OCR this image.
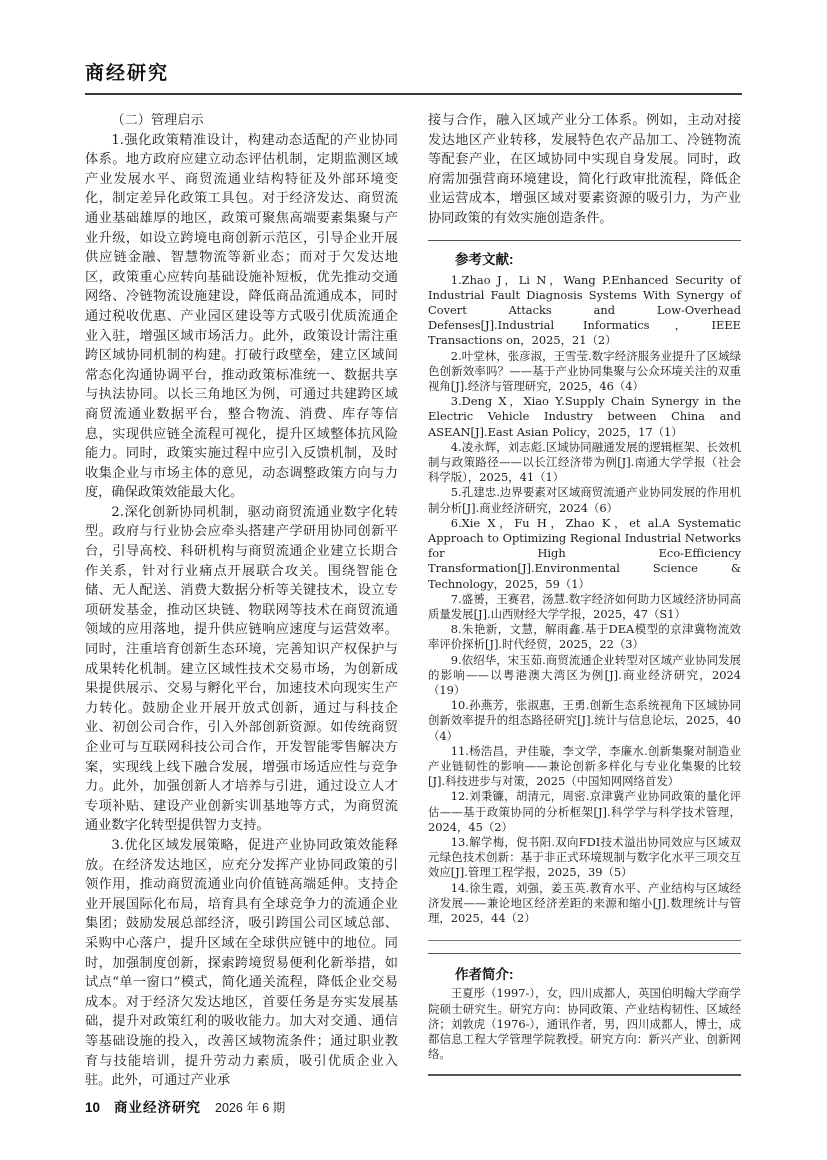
商经研究
（二）管理启示

1.强化政策精准设计，构建动态适配的产业协同体系。地方政府应建立动态评估机制，定期监测区域产业发展水平、商贸流通业结构特征及外部环境变化，制定差异化政策工具包。对于经济发达、商贸流通业基础雄厚的地区，政策可聚焦高端要素集聚与产业升级，如设立跨境电商创新示范区，引导企业开展供应链金融、智慧物流等新业态；而对于欠发达地区，政策重心应转向基础设施补短板，优先推动交通网络、冷链物流设施建设，降低商品流通成本，同时通过税收优惠、产业园区建设等方式吸引优质流通企业入驻，增强区域市场活力。此外，政策设计需注重跨区域协同机制的构建。打破行政壁垒，建立区域间常态化沟通协调平台，推动政策标准统一、数据共享与执法协同。以长三角地区为例，可通过共建跨区域商贸流通业数据平台，整合物流、消费、库存等信息，实现供应链全流程可视化，提升区域整体抗风险能力。同时，政策实施过程中应引入反馈机制，及时收集企业与市场主体的意见，动态调整政策方向与力度，确保政策效能最大化。

2.深化创新协同机制，驱动商贸流通业数字化转型。政府与行业协会应牵头搭建产学研用协同创新平台，引导高校、科研机构与商贸流通企业建立长期合作关系，针对行业痛点开展联合攻关。围绕智能仓储、无人配送、消费大数据分析等关键技术，设立专项研发基金，推动区块链、物联网等技术在商贸流通领域的应用落地，提升供应链响应速度与运营效率。同时，注重培育创新生态环境，完善知识产权保护与成果转化机制。建立区域性技术交易市场，为创新成果提供展示、交易与孵化平台，加速技术向现实生产力转化。鼓励企业开展开放式创新，通过与科技企业、初创公司合作，引入外部创新资源。如传统商贸企业可与互联网科技公司合作，开发智能零售解决方案，实现线上线下融合发展，增强市场适应性与竞争力。此外，加强创新人才培养与引进，通过设立人才专项补贴、建设产业创新实训基地等方式，为商贸流通业数字化转型提供智力支持。

3.优化区域发展策略，促进产业协同政策效能释放。在经济发达地区，应充分发挥产业协同政策的引领作用，推动商贸流通业向价值链高端延伸。支持企业开展国际化布局，培育具有全球竞争力的流通企业集团；鼓励发展总部经济，吸引跨国公司区域总部、采购中心落户，提升区域在全球供应链中的地位。同时，加强制度创新，探索跨境贸易便利化新举措，如试点“单一窗口”模式，简化通关流程，降低企业交易成本。对于经济欠发达地区，首要任务是夯实发展基础，提升对政策红利的吸收能力。加大对交通、通信等基础设施的投入，改善区域物流条件；通过职业教育与技能培训，提升劳动力素质，吸引优质企业入驻。此外，可通过产业承

接与合作，融入区域产业分工体系。例如，主动对接发达地区产业转移，发展特色农产品加工、冷链物流等配套产业，在区域协同中实现自身发展。同时，政府需加强营商环境建设，简化行政审批流程，降低企业运营成本，增强区域对要素资源的吸引力，为产业协同政策的有效实施创造条件。

参考文献:

1.Zhao J，Li N，Wang P.Enhanced Security of Industrial Fault Diagnosis Systems With Synergy of Covert Attacks and Low-Overhead Defenses[J].Industrial Informatics，IEEE Transactions on，2025，21（2）

2.叶堂林，张彦淑，王雪莹.数字经济服务业提升了区域绿色创新效率吗？——基于产业协同集聚与公众环境关注的双重视角[J].经济与管理研究，2025，46（4）

3.Deng X，Xiao Y.Supply Chain Synergy in the Electric Vehicle Industry between China and ASEAN[J].East Asian Policy，2025，17（1）

4.凌永辉，刘志彪.区域协同融通发展的逻辑框架、长效机制与政策路径——以长江经济带为例[J].南通大学学报（社会科学版），2025，41（1）

5.孔建忠.边界要素对区域商贸流通产业协同发展的作用机制分析[J].商业经济研究，2024（6）

6.Xie X，Fu H，Zhao K，et al.A Systematic Approach to Optimizing Regional Industrial Networks for High Eco-Efficiency Transformation[J].Environmental Science & Technology，2025，59（1）

7.盛赟，王赛君，汤慧.数字经济如何助力区域经济协同高质量发展[J].山西财经大学学报，2025，47（S1）

8.朱艳新，文慧，解雨鑫.基于DEA模型的京津冀物流效率评价探析[J].时代经贸，2025，22（3）

9.依绍华，宋玉茹.商贸流通企业转型对区域产业协同发展的影响——以粤港澳大湾区为例[J].商业经济研究，2024（19）

10.孙燕芳，张淑惠，王勇.创新生态系统视角下区域协同创新效率提升的组态路径研究[J].统计与信息论坛，2025，40（4）

11.杨浩昌，尹佳璇，李文学，李廉水.创新集聚对制造业产业链韧性的影响——兼论创新多样化与专业化集聚的比较[J].科技进步与对策，2025（中国知网网络首发）

12.刘秉镰，胡清元，周密.京津冀产业协同政策的量化评估——基于政策协同的分析框架[J].科学学与科学技术管理，2024，45（2）

13.解学梅，倪书阳.双向FDI技术溢出协同效应与区域双元绿色技术创新：基于非正式环境规制与数字化水平三项交互效应[J].管理工程学报，2025，39（5）

14.徐生霞，刘强，姜玉英.教育水平、产业结构与区域经济发展——兼论地区经济差距的来源和缩小[J].数理统计与管理，2025，44（2）

作者简介:

王夏彤（1997-），女，四川成都人，英国伯明翰大学商学院硕士研究生。研究方向：协同政策、产业结构韧性、区域经济；刘敦虎（1976-），通讯作者，男，四川成都人，博士，成都信息工程大学管理学院教授。研究方向：新兴产业、创新网络。

10 商业经济研究 2026 年 6 期
